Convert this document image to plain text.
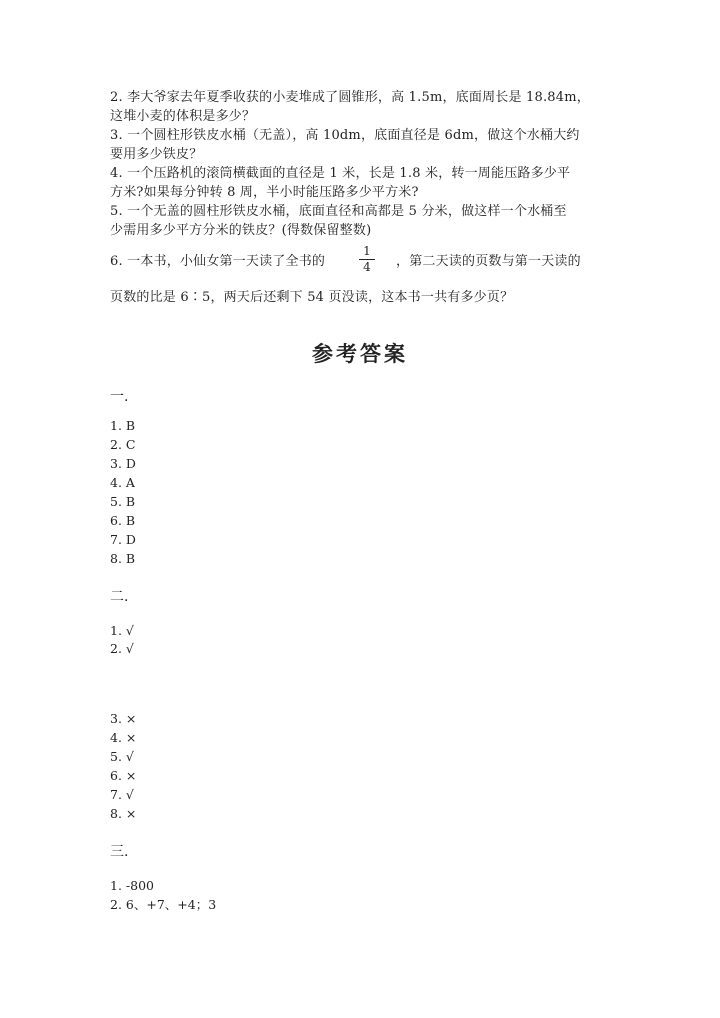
2. 李大爷家去年夏季收获的小麦堆成了圆锥形，高 1.5m，底面周长是 18.84m，
这堆小麦的体积是多少？
3. 一个圆柱形铁皮水桶（无盖），高 10dm，底面直径是 6dm，做这个水桶大约
要用多少铁皮？
4. 一个压路机的滚筒横截面的直径是 1 米，长是 1.8 米，转一周能压路多少平
方米?如果每分钟转 8 周，半小时能压路多少平方米?
5. 一个无盖的圆柱形铁皮水桶，底面直径和高都是 5 分米，做这样一个水桶至
少需用多少平方分米的铁皮？(得数保留整数)
6. 一本书，小仙女第一天读了全书的
1
4	，第二天读的页数与第一天读的
页数的比是 6∶5，两天后还剩下 54 页没读，这本书一共有多少页？
参考答案
一.
1. B
2. C
3. D
4. A
5. B
6. B
7. D
8. B
二.
1. √
2. √
3. ×
4. ×
5. √
6. ×
7. √
8. ×
三.
1. -800
2. 6、+7、+4；3
